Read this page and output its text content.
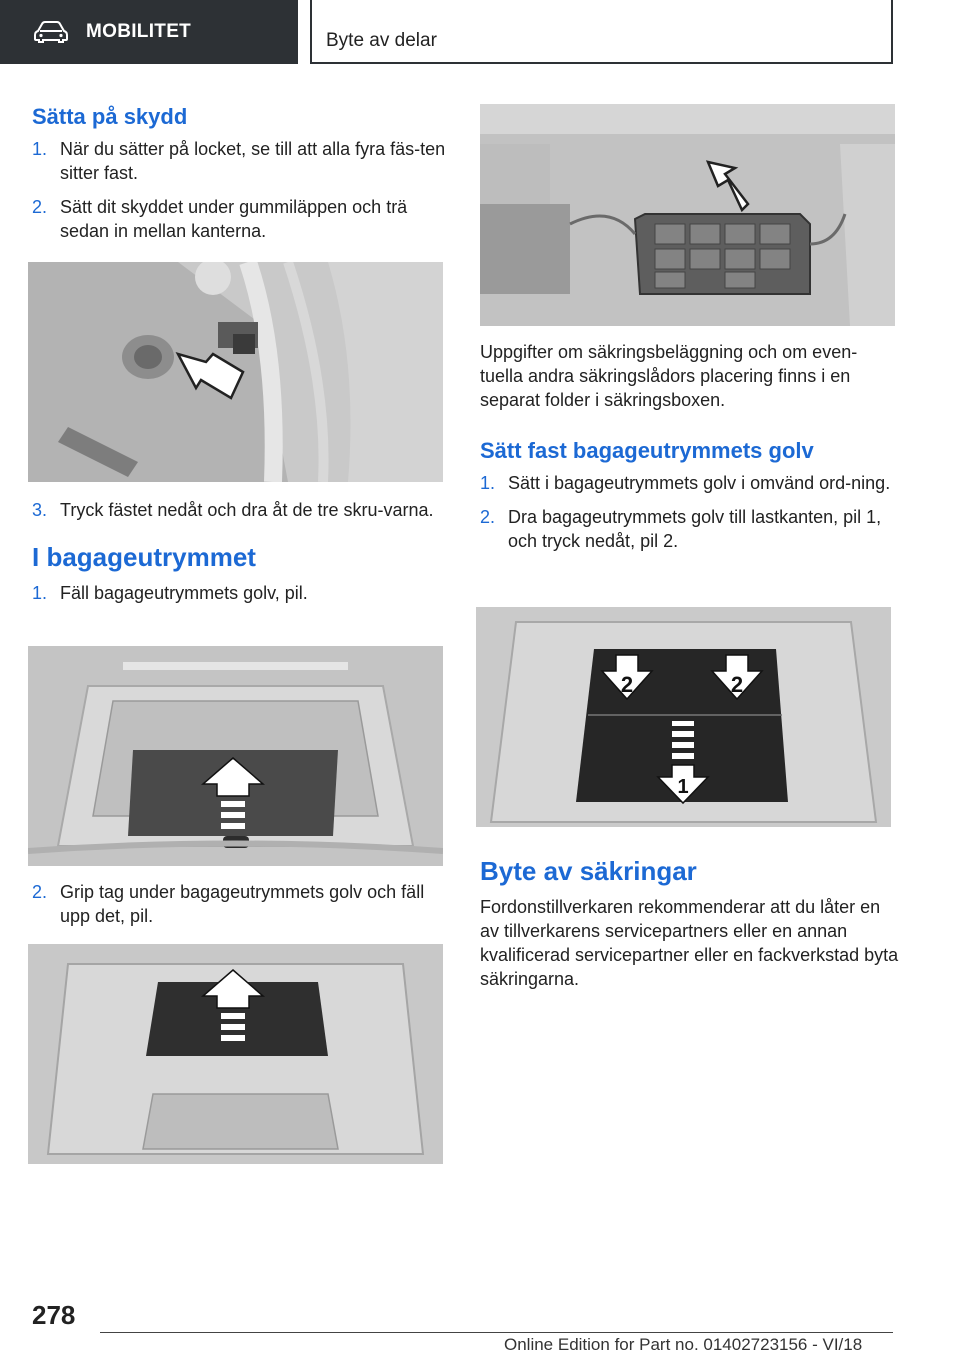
MOBILITET	Byte av delar
Sätta på skydd
1. När du sätter på locket, se till att alla fyra fäs-ten sitter fast.
2. Sätt dit skyddet under gummiläppen och trä sedan in mellan kanterna.
3. Tryck fästet nedåt och dra åt de tre skru-varna.
I bagageutrymmet
1. Fäll bagageutrymmets golv, pil.
2. Grip tag under bagageutrymmets golv och fäll upp det, pil.

Uppgifter om säkringsbeläggning och om even-tuella andra säkringslådors placering finns i en separat folder i säkringsboxen.

Sätt fast bagageutrymmets golv
1. Sätt i bagageutrymmets golv i omvänd ord-ning.
2. Dra bagageutrymmets golv till lastkanten, pil 1, och tryck nedåt, pil 2.
2	2
1
Byte av säkringar

Fordonstillverkaren rekommenderar att du låter en av tillverkarens servicepartners eller en annan kvalificerad servicepartner eller en fackverkstad byta säkringarna.

278
Online Edition for Part no. 01402723156 - VI/18
